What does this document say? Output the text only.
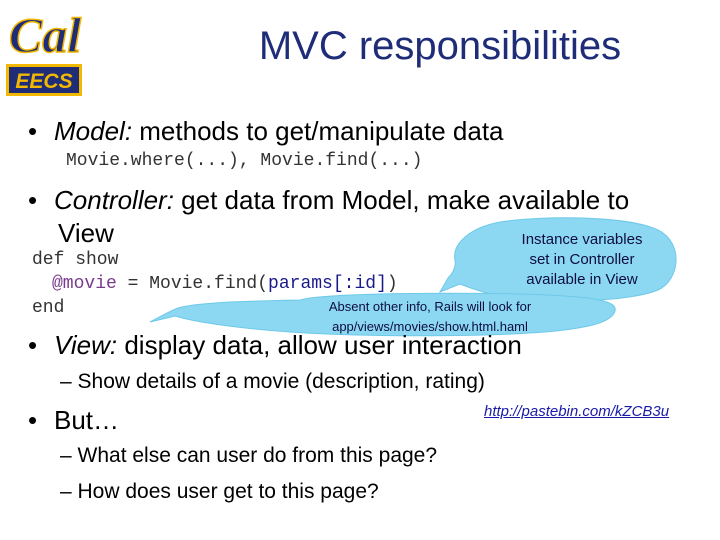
Cal
EECS
MVC responsibilities
• Model: methods to get/manipulate data
Movie.where(...), Movie.find(...)
• Controller: get data from Model, make available to
View
def show
@movie = Movie.find(params[:id])
end
Instance variables
set in Controller
available in View
Absent other info, Rails will look for
app/views/movies/show.html.haml
• View: display data, allow user interaction
– Show details of a movie (description, rating)
http://pastebin.com/kZCB3u
• But…
– What else can user do from this page?
– How does user get to this page?
